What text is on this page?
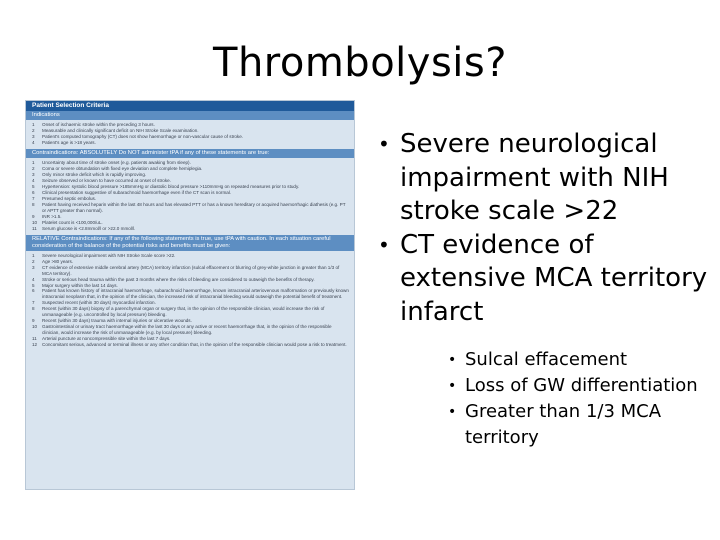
Thrombolysis?
Patient Selection Criteria
Indications
1	Onset of ischaemic stroke within the preceding 3 hours.
2	Measurable and clinically significant deficit on NIH Stroke Scale examination.
3	Patient's computed tomography (CT) does not show haemorrhage or non-vascular cause of stroke.
4	Patient's age is >18 years.
Contraindications: ABSOLUTELY Do NOT administer tPA if any of these statements are true:
1	Uncertainty about time of stroke onset (e.g. patients awaking from sleep).
2	Coma or severe obtundation with fixed eye deviation and complete hemiplegia.
3	Only minor stroke deficit which is rapidly improving.
4	Seizure observed or known to have occurred at onset of stroke.
5	Hypertension: systolic blood pressure >185mmHg or diastolic blood pressure >110mmHg on repeated measures prior to study.
6	Clinical presentation suggestive of subarachnoid haemorrhage even if the CT scan is normal.
7	Presumed septic embolus.
8	Patient having received heparin within the last 48 hours and has elevated PTT or has a known hereditary or acquired haemorrhagic diathesis (e.g. PT or APTT greater than normal).
9	INR >1.5.
10	Platelet count is <100,000/uL.
11	Serum glucose is <2.8mmol/l or >22.0 mmol/l.
RELATIVE Contraindications: If any of the following statements is true, use tPA with caution. In each situation careful consideration of the balance of the potential risks and benefits must be given:
1	Severe neurological impairment with NIH Stroke Scale score >22.
2	Age >80 years.
3	CT evidence of extensive middle cerebral artery (MCA) territory infarction (sulcal effacement or blurring of grey-white junction in greater than 1/3 of MCA territory).
4	Stroke or serious head trauma within the past 3 months where the risks of bleeding are considered to outweigh the benefits of therapy.
5	Major surgery within the last 14 days.
6	Patient has known history of intracranial haemorrhage, subarachnoid haemorrhage, known intracranial arteriovenous malformation or previously known intracranial neoplasm that, in the opinion of the clinician, the increased risk of intracranial bleeding would outweigh the potential benefit of treatment.
7	Suspected recent (within 30 days) myocardial infarction.
8	Recent (within 30 days) biopsy of a parenchymal organ or surgery that, in the opinion of the responsible clinician, would increase the risk of unmanageable (e.g. uncontrolled by local pressure) bleeding.
9	Recent (within 30 days) trauma with internal injuries or ulcerative wounds.
10	Gastrointestinal or urinary tract haemorrhage within the last 30 days or any active or recent haemorrhage that, in the opinion of the responsible clinician, would increase the risk of unmanageable (e.g. by local pressure) bleeding.
11	Arterial puncture at noncompressible site within the last 7 days.
12	Concomitant serious, advanced or terminal illness or any other condition that, in the opinion of the responsible clinician would pose a risk to treatment.
• Severe neurological impairment with NIH stroke scale >22
• CT evidence of extensive MCA territory infarct
• Sulcal effacement
• Loss of GW differentiation
• Greater than 1/3 MCA territory
